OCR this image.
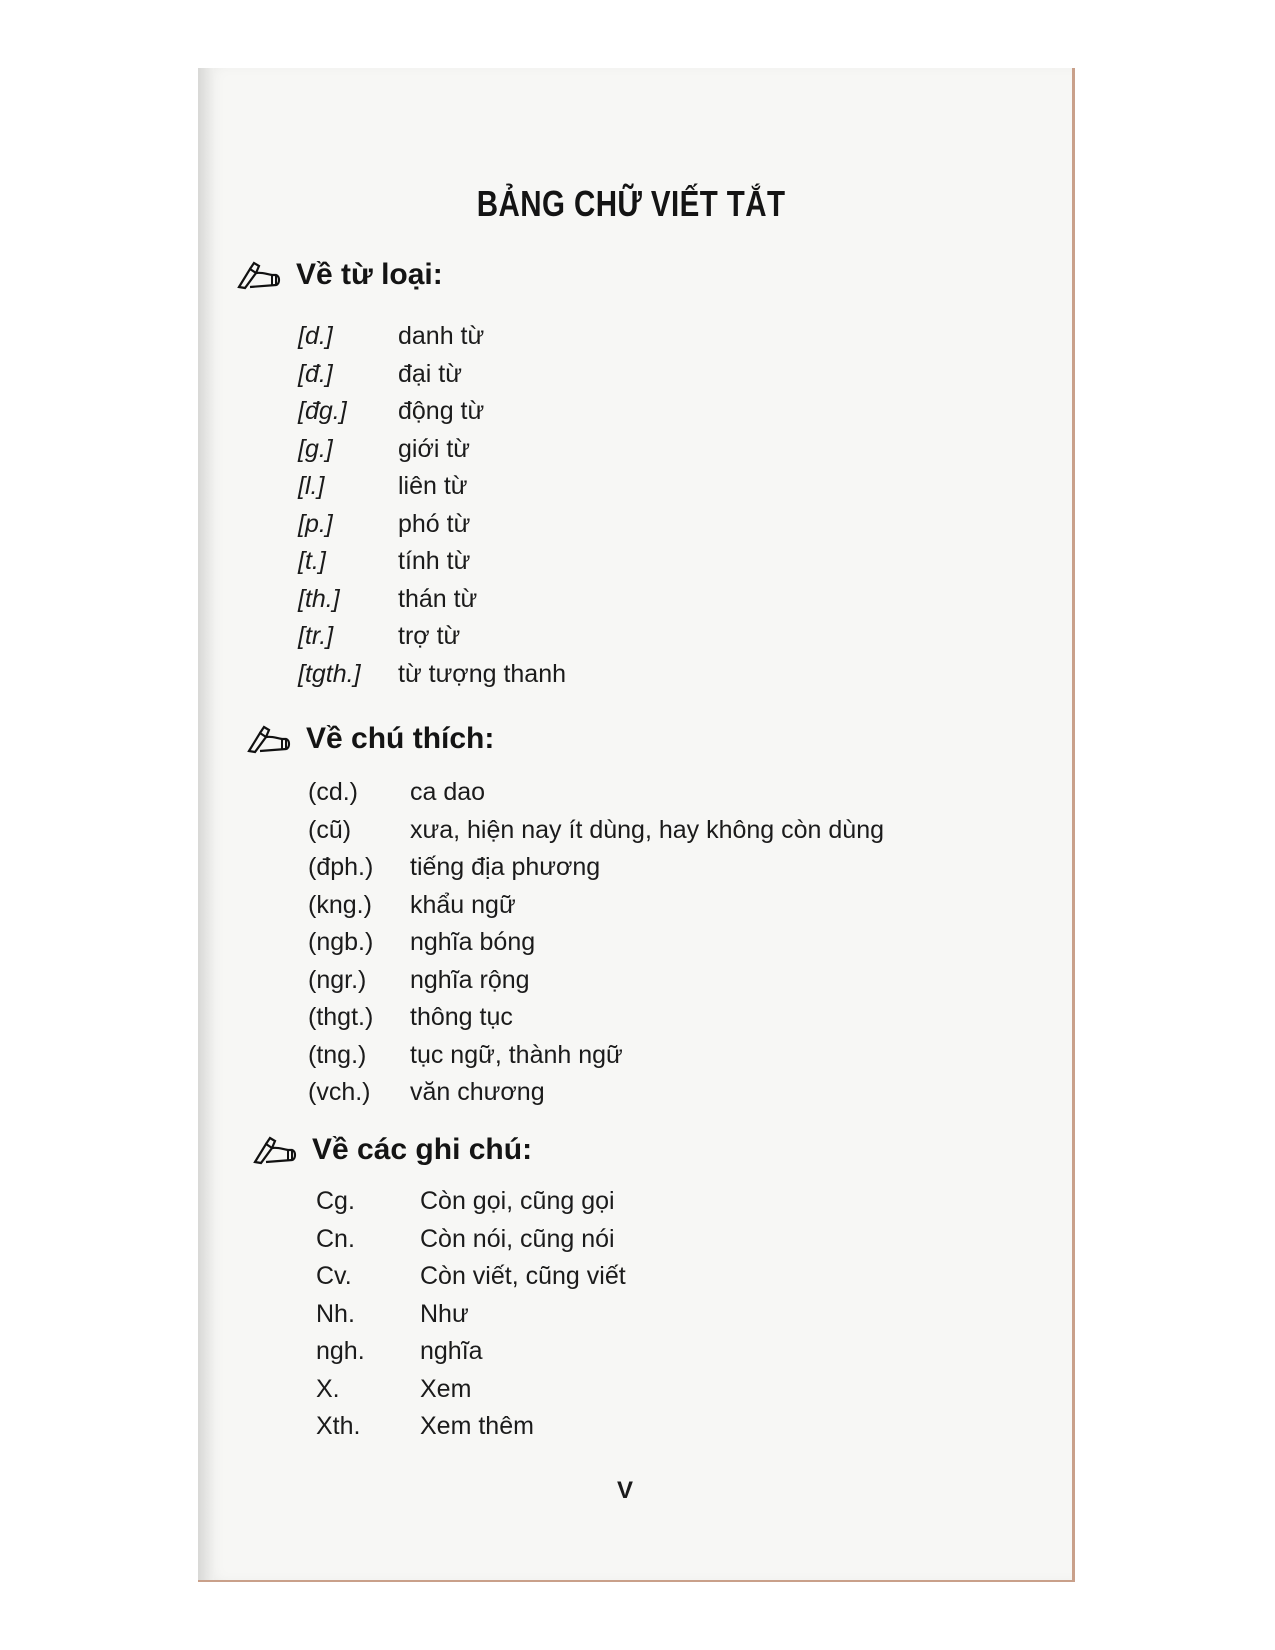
BẢNG CHỮ VIẾT TẮT
Về từ loại:
[d.]	danh từ
[đ.]	đại từ
[đg.]	động từ
[g.]	giới từ
[l.]	liên từ
[p.]	phó từ
[t.]	tính từ
[th.]	thán từ
[tr.]	trợ từ
[tgth.]	từ tượng thanh
Về chú thích:
(cd.)	ca dao
(cũ)	xưa, hiện nay ít dùng, hay không còn dùng
(đph.)	tiếng địa phương
(kng.)	khẩu ngữ
(ngb.)	nghĩa bóng
(ngr.)	nghĩa rộng
(thgt.)	thông tục
(tng.)	tục ngữ, thành ngữ
(vch.)	văn chương
Về các ghi chú:
Cg.	Còn gọi, cũng gọi
Cn.	Còn nói, cũng nói
Cv.	Còn viết, cũng viết
Nh.	Như
ngh.	nghĩa
X.	Xem
Xth.	Xem thêm
V
